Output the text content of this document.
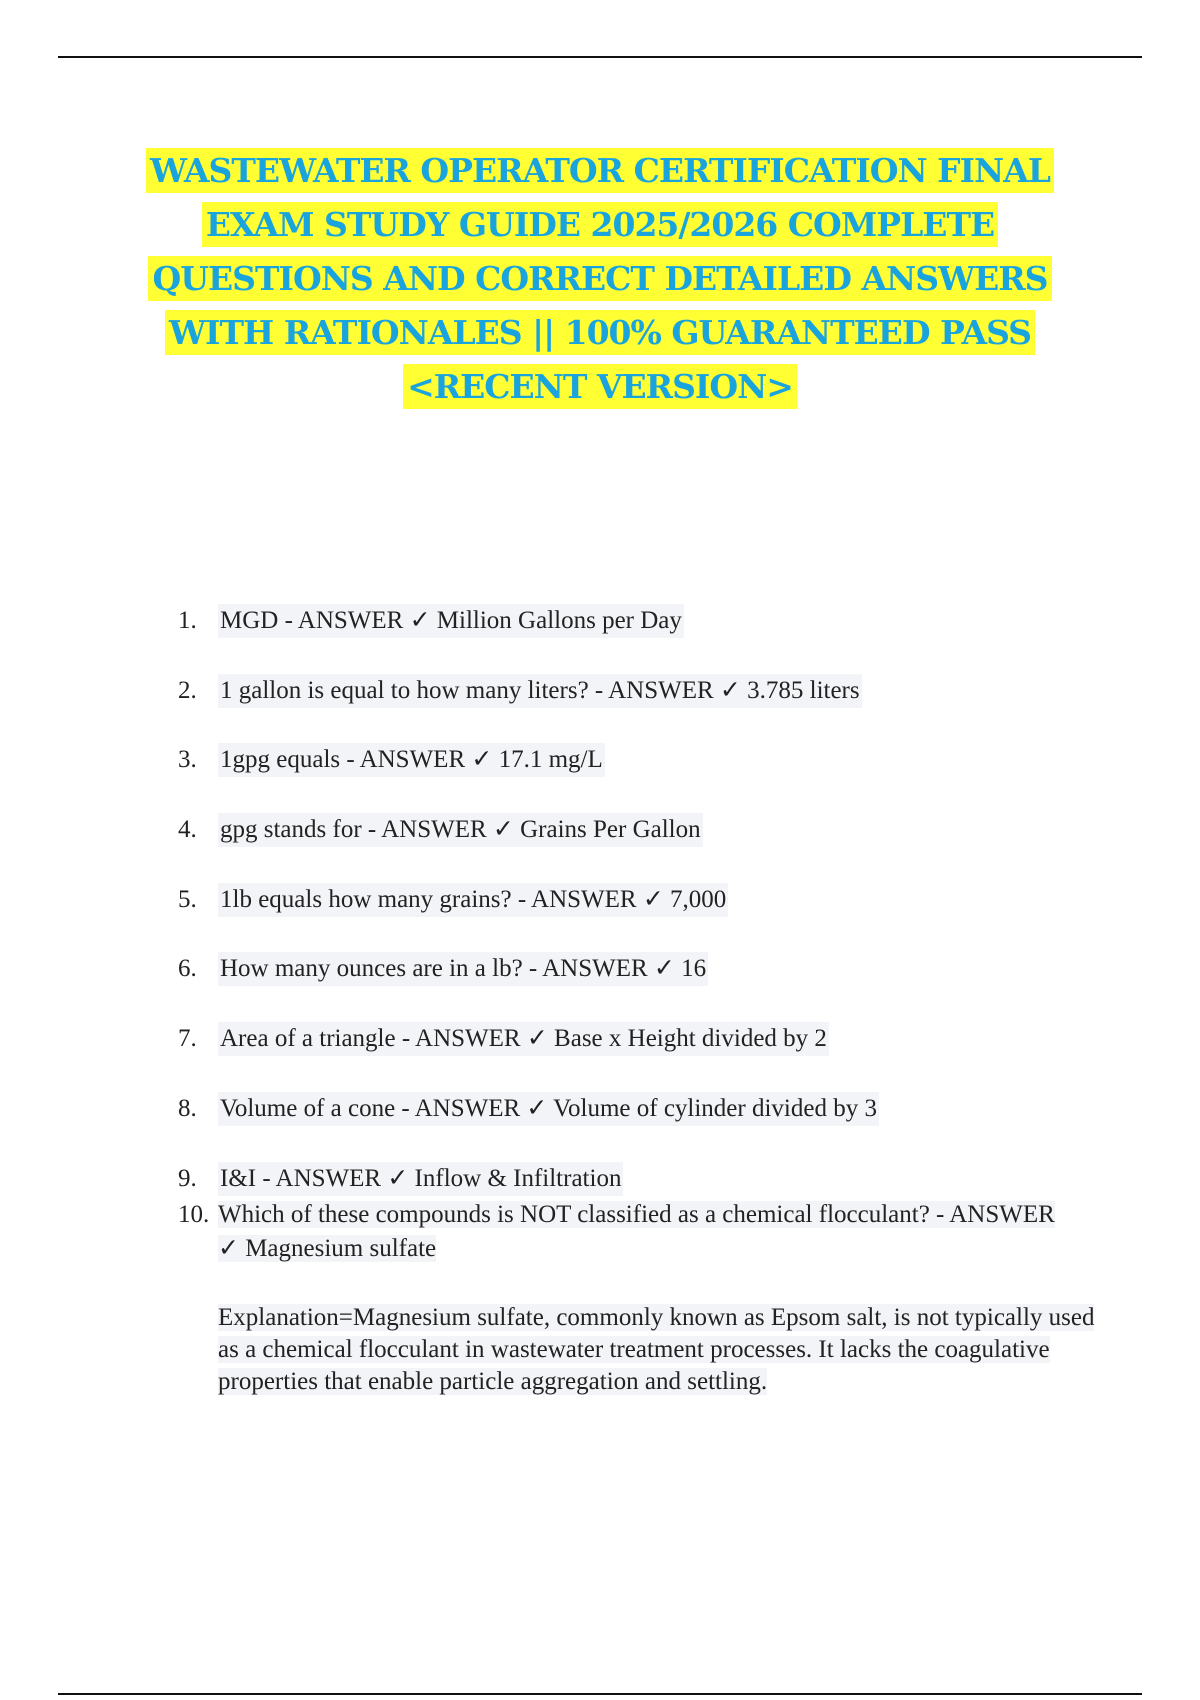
WASTEWATER OPERATOR CERTIFICATION FINAL EXAM STUDY GUIDE 2025/2026 COMPLETE QUESTIONS AND CORRECT DETAILED ANSWERS WITH RATIONALES || 100% GUARANTEED PASS <RECENT VERSION>
1. MGD - ANSWER ✓ Million Gallons per Day
2. 1 gallon is equal to how many liters? - ANSWER ✓ 3.785 liters
3. 1gpg equals - ANSWER ✓ 17.1 mg/L
4. gpg stands for - ANSWER ✓ Grains Per Gallon
5. 1lb equals how many grains? - ANSWER ✓ 7,000
6. How many ounces are in a lb? - ANSWER ✓ 16
7. Area of a triangle - ANSWER ✓ Base x Height divided by 2
8. Volume of a cone - ANSWER ✓ Volume of cylinder divided by 3
9. I&I - ANSWER ✓ Inflow & Infiltration
10. Which of these compounds is NOT classified as a chemical flocculant? - ANSWER ✓ Magnesium sulfate
Explanation=Magnesium sulfate, commonly known as Epsom salt, is not typically used as a chemical flocculant in wastewater treatment processes. It lacks the coagulative properties that enable particle aggregation and settling.
